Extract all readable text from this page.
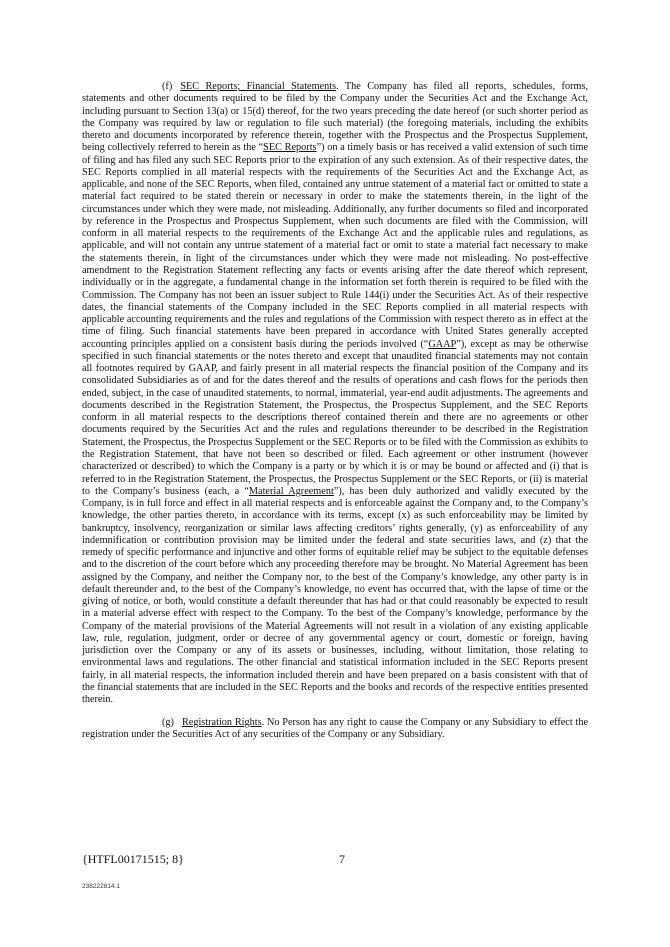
(f) SEC Reports; Financial Statements. The Company has filed all reports, schedules, forms, statements and other documents required to be filed by the Company under the Securities Act and the Exchange Act, including pursuant to Section 13(a) or 15(d) thereof, for the two years preceding the date hereof (or such shorter period as the Company was required by law or regulation to file such material) (the foregoing materials, including the exhibits thereto and documents incorporated by reference therein, together with the Prospectus and the Prospectus Supplement, being collectively referred to herein as the “SEC Reports”) on a timely basis or has received a valid extension of such time of filing and has filed any such SEC Reports prior to the expiration of any such extension. As of their respective dates, the SEC Reports complied in all material respects with the requirements of the Securities Act and the Exchange Act, as applicable, and none of the SEC Reports, when filed, contained any untrue statement of a material fact or omitted to state a material fact required to be stated therein or necessary in order to make the statements therein, in the light of the circumstances under which they were made, not misleading. Additionally, any further documents so filed and incorporated by reference in the Prospectus and Prospectus Supplement, when such documents are filed with the Commission, will conform in all material respects to the requirements of the Exchange Act and the applicable rules and regulations, as applicable, and will not contain any untrue statement of a material fact or omit to state a material fact necessary to make the statements therein, in light of the circumstances under which they were made not misleading. No post-effective amendment to the Registration Statement reflecting any facts or events arising after the date thereof which represent, individually or in the aggregate, a fundamental change in the information set forth therein is required to be filed with the Commission. The Company has not been an issuer subject to Rule 144(i) under the Securities Act. As of their respective dates, the financial statements of the Company included in the SEC Reports complied in all material respects with applicable accounting requirements and the rules and regulations of the Commission with respect thereto as in effect at the time of filing. Such financial statements have been prepared in accordance with United States generally accepted accounting principles applied on a consistent basis during the periods involved (“GAAP”), except as may be otherwise specified in such financial statements or the notes thereto and except that unaudited financial statements may not contain all footnotes required by GAAP, and fairly present in all material respects the financial position of the Company and its consolidated Subsidiaries as of and for the dates thereof and the results of operations and cash flows for the periods then ended, subject, in the case of unaudited statements, to normal, immaterial, year-end audit adjustments. The agreements and documents described in the Registration Statement, the Prospectus, the Prospectus Supplement, and the SEC Reports conform in all material respects to the descriptions thereof contained therein and there are no agreements or other documents required by the Securities Act and the rules and regulations thereunder to be described in the Registration Statement, the Prospectus, the Prospectus Supplement or the SEC Reports or to be filed with the Commission as exhibits to the Registration Statement, that have not been so described or filed. Each agreement or other instrument (however characterized or described) to which the Company is a party or by which it is or may be bound or affected and (i) that is referred to in the Registration Statement, the Prospectus, the Prospectus Supplement or the SEC Reports, or (ii) is material to the Company’s business (each, a “Material Agreement”), has been duly authorized and validly executed by the Company, is in full force and effect in all material respects and is enforceable against the Company and, to the Company’s knowledge, the other parties thereto, in accordance with its terms, except (x) as such enforceability may be limited by bankruptcy, insolvency, reorganization or similar laws affecting creditors’ rights generally, (y) as enforceability of any indemnification or contribution provision may be limited under the federal and state securities laws, and (z) that the remedy of specific performance and injunctive and other forms of equitable relief may be subject to the equitable defenses and to the discretion of the court before which any proceeding therefore may be brought. No Material Agreement has been assigned by the Company, and neither the Company nor, to the best of the Company’s knowledge, any other party is in default thereunder and, to the best of the Company’s knowledge, no event has occurred that, with the lapse of time or the giving of notice, or both, would constitute a default thereunder that has had or that could reasonably be expected to result in a material adverse effect with respect to the Company. To the best of the Company’s knowledge, performance by the Company of the material provisions of the Material Agreements will not result in a violation of any existing applicable law, rule, regulation, judgment, order or decree of any governmental agency or court, domestic or foreign, having jurisdiction over the Company or any of its assets or businesses, including, without limitation, those relating to environmental laws and regulations. The other financial and statistical information included in the SEC Reports present fairly, in all material respects, the information included therein and have been prepared on a basis consistent with that of the financial statements that are included in the SEC Reports and the books and records of the respective entities presented therein.

(g) Registration Rights. No Person has any right to cause the Company or any Subsidiary to effect the registration under the Securities Act of any securities of the Company or any Subsidiary.

{HTFL00171515; 8}	7
238222814.1
